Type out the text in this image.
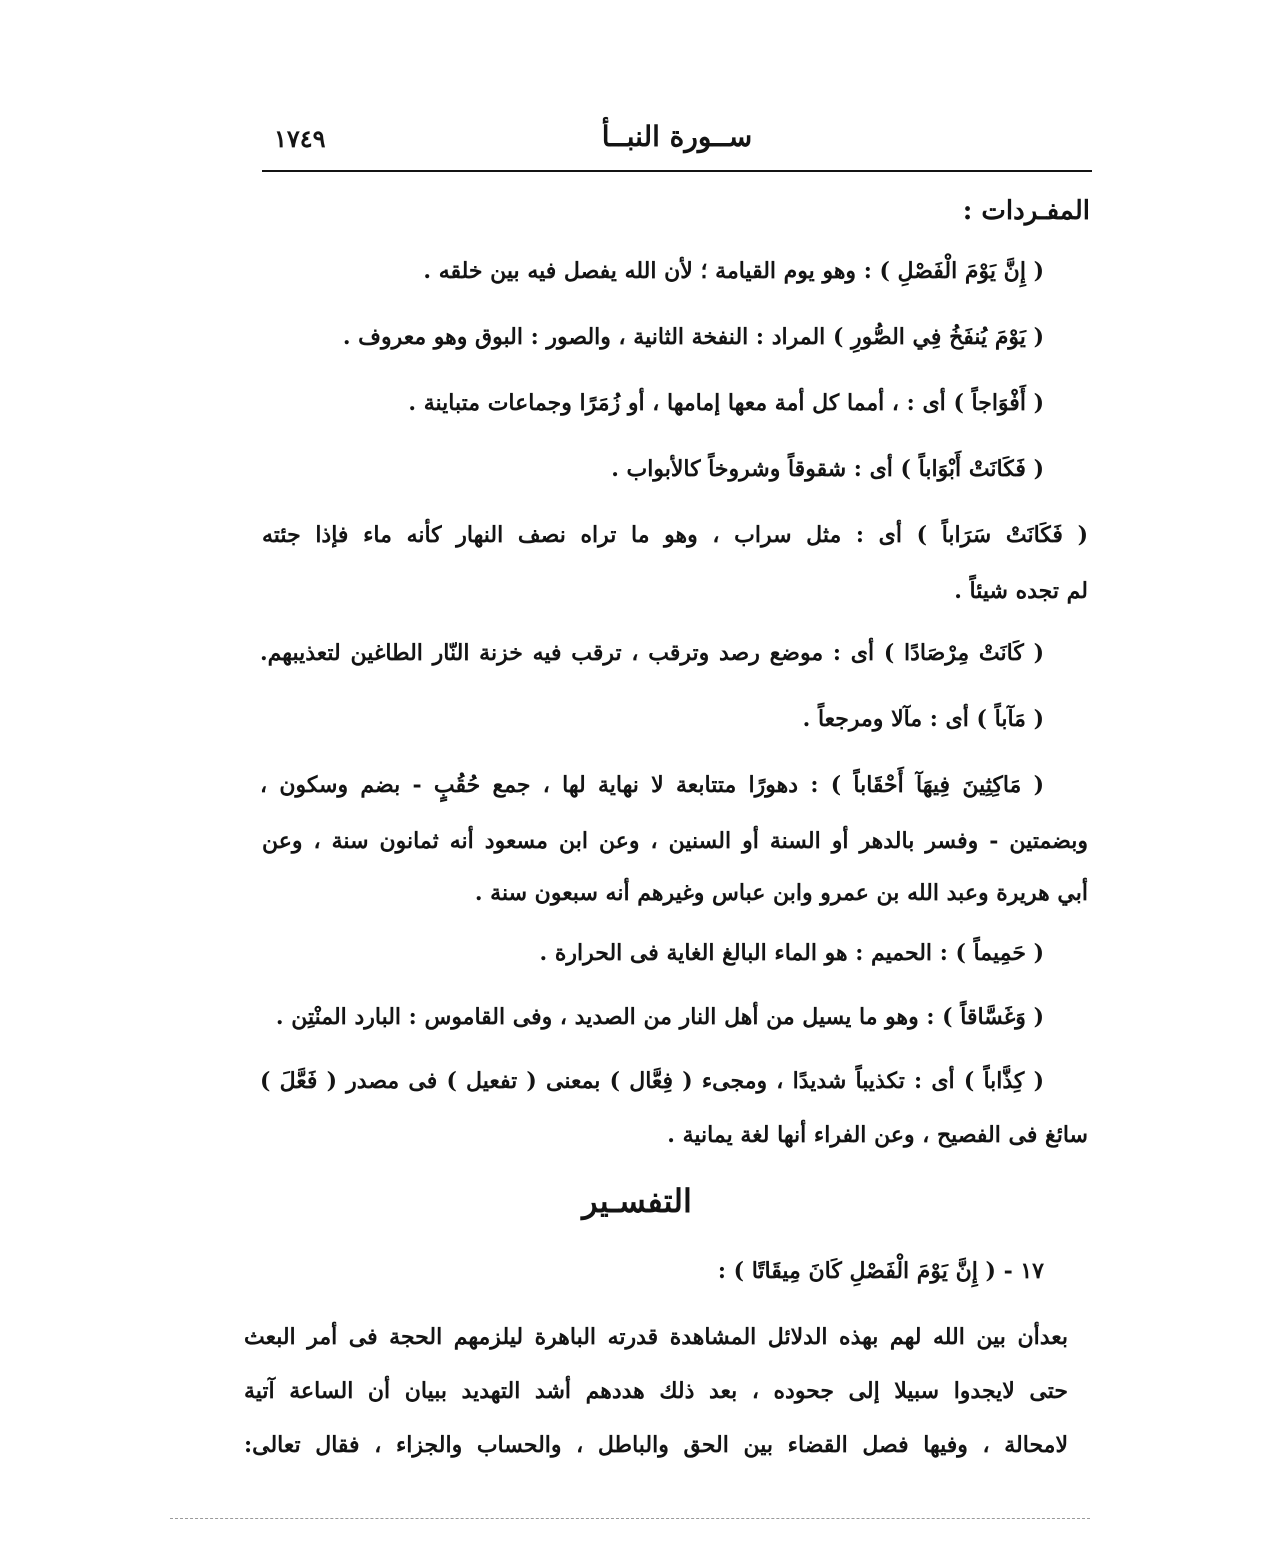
١٧٤٩	ســورة النبــأ
المفـردات :
( إِنَّ يَوْمَ الْفَصْلِ ) : وهو يوم القيامة ؛ لأن الله يفصل فيه بين خلقه .
( يَوْمَ يُنفَخُ فِي الصُّورِ ) المراد : النفخة الثانية ، والصور : البوق وهو معروف .
( أَفْوَاجاً ) أى : ، أمما كل أمة معها إمامها ، أو زُمَرًا وجماعات متباينة .
( فَكَانَتْ أَبْوَاباً ) أى : شقوقاً وشروخاً كالأبواب .
( فَكَانَتْ سَرَاباً ) أى : مثل سراب ، وهو ما تراه نصف النهار كأنه ماء فإذا جئته
لم تجده شيئاً .
( كَانَتْ مِرْصَادًا ) أى : موضع رصد وترقب ، ترقب فيه خزنة النّار الطاغين لتعذيبهم.
( مَآباً ) أى : مآلا ومرجعاً .
( مَاكِثِينَ فِيهَآ أَحْقَاباً ) : دهورًا متتابعة لا نهاية لها ، جمع حُقُبٍ - بضم وسكون ،
وبضمتين - وفسر بالدهر أو السنة أو السنين ، وعن ابن مسعود أنه ثمانون سنة ، وعن
أبي هريرة وعبد الله بن عمرو وابن عباس وغيرهم أنه سبعون سنة .
( حَمِيماً ) : الحميم : هو الماء البالغ الغاية فى الحرارة .
( وَغَسَّاقاً ) : وهو ما يسيل من أهل النار من الصديد ، وفى القاموس : البارد المنْتِن .
( كِذَّاباً ) أى : تكذيباً شديدًا ، ومجىء ( فِعَّال ) بمعنى ( تفعيل ) فى مصدر ( فَعَّلَ )
سائغ فى الفصيح ، وعن الفراء أنها لغة يمانية .
التفسـير
١٧ - ( إِنَّ يَوْمَ الْفَصْلِ كَانَ مِيقَاتًا ) :
بعدأن بين الله لهم بهذه الدلائل المشاهدة قدرته الباهرة ليلزمهم الحجة فى أمر البعث
حتى لايجدوا سبيلا إلى جحوده ، بعد ذلك هددهم أشد التهديد ببيان أن الساعة آتية
لامحالة ، وفيها فصل القضاء بين الحق والباطل ، والحساب والجزاء ، فقال تعالى:
